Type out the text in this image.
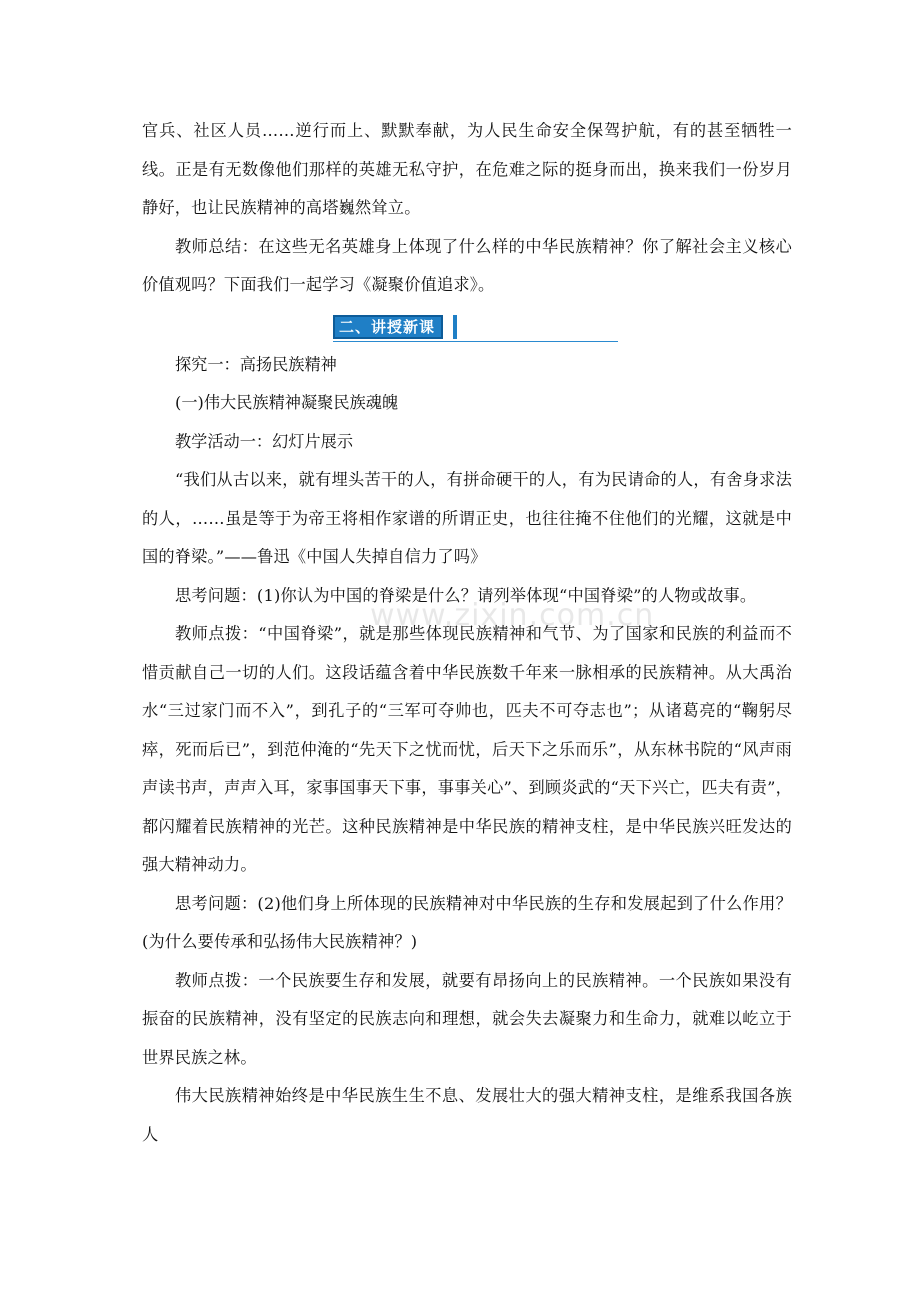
官兵、社区人员……逆行而上、默默奉献，为人民生命安全保驾护航，有的甚至牺牲一线。正是有无数像他们那样的英雄无私守护，在危难之际的挺身而出，换来我们一份岁月静好，也让民族精神的高塔巍然耸立。

教师总结：在这些无名英雄身上体现了什么样的中华民族精神？你了解社会主义核心价值观吗？下面我们一起学习《凝聚价值追求》。

二、讲授新课

探究一：高扬民族精神

(一)伟大民族精神凝聚民族魂魄

教学活动一：幻灯片展示

“我们从古以来，就有埋头苦干的人，有拼命硬干的人，有为民请命的人，有舍身求法的人，……虽是等于为帝王将相作家谱的所谓正史，也往往掩不住他们的光耀，这就是中国的脊梁。”——鲁迅《中国人失掉自信力了吗》

思考问题：(1)你认为中国的脊梁是什么？请列举体现“中国脊梁”的人物或故事。

教师点拨：“中国脊梁”，就是那些体现民族精神和气节、为了国家和民族的利益而不惜贡献自己一切的人们。这段话蕴含着中华民族数千年来一脉相承的民族精神。从大禹治水“三过家门而不入”，到孔子的“三军可夺帅也，匹夫不可夺志也”；从诸葛亮的“鞠躬尽瘁，死而后已”，到范仲淹的“先天下之忧而忧，后天下之乐而乐”，从东林书院的“风声雨声读书声，声声入耳，家事国事天下事，事事关心”、到顾炎武的“天下兴亡，匹夫有责”，都闪耀着民族精神的光芒。这种民族精神是中华民族的精神支柱，是中华民族兴旺发达的强大精神动力。

思考问题：(2)他们身上所体现的民族精神对中华民族的生存和发展起到了什么作用？(为什么要传承和弘扬伟大民族精神？)

教师点拨：一个民族要生存和发展，就要有昂扬向上的民族精神。一个民族如果没有振奋的民族精神，没有坚定的民族志向和理想，就会失去凝聚力和生命力，就难以屹立于世界民族之林。

伟大民族精神始终是中华民族生生不息、发展壮大的强大精神支柱，是维系我国各族人

www.zixin.com.cn
